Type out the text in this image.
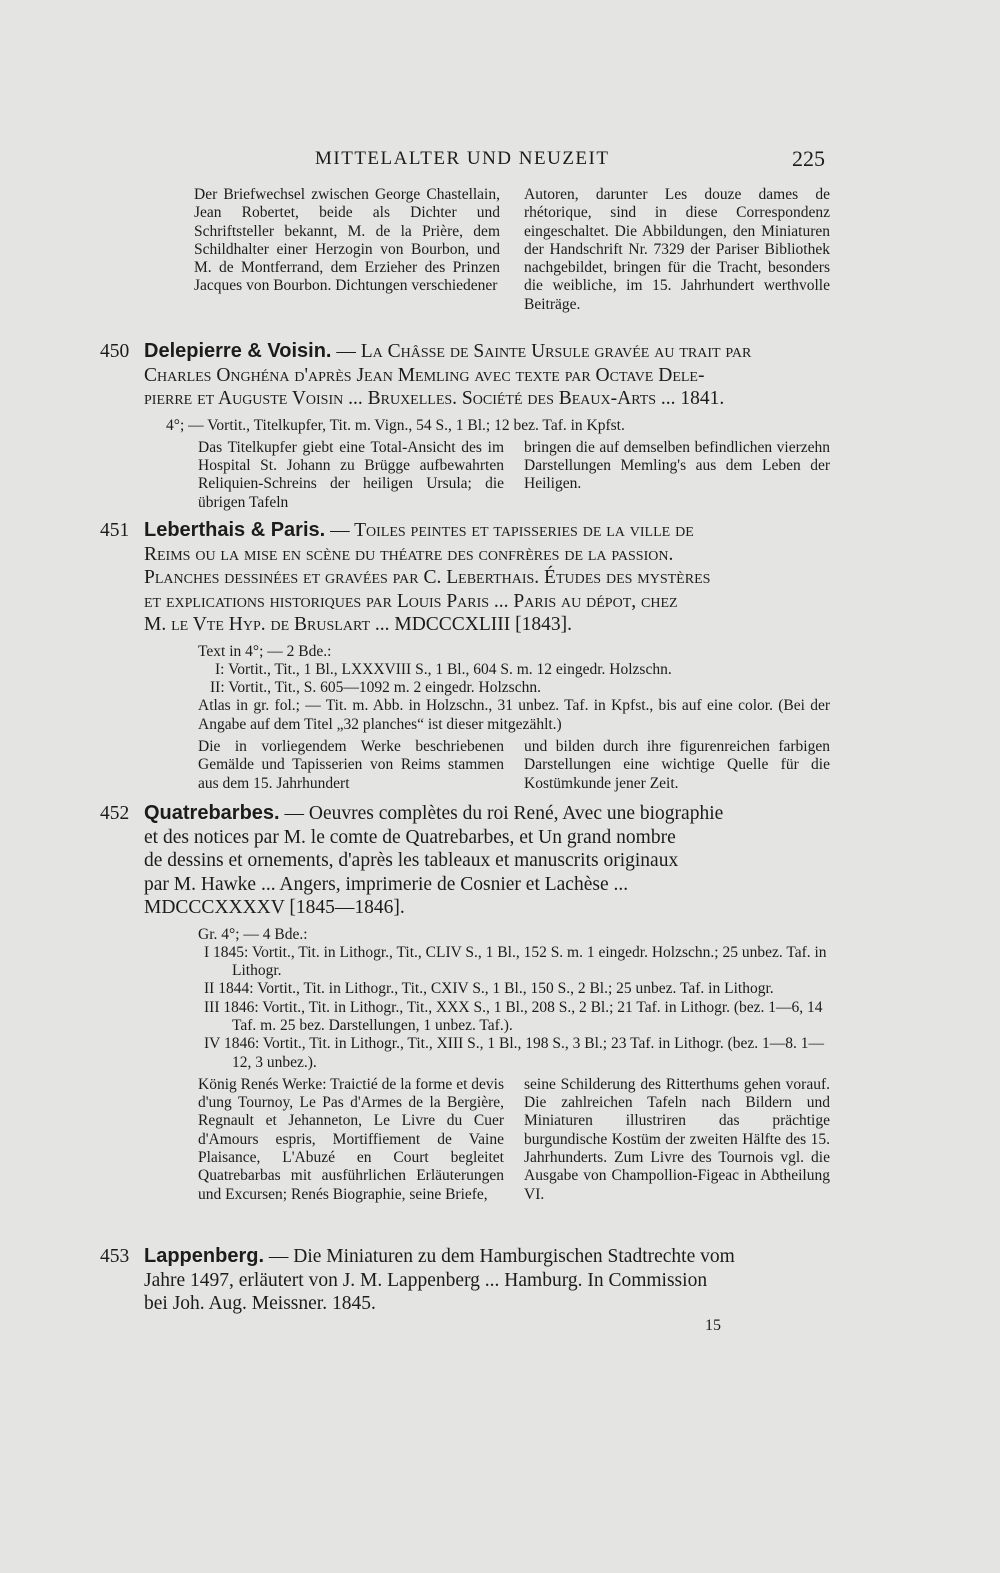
MITTELALTER UND NEUZEIT	225

Der Briefwechsel zwischen George Chastellain, Jean Robertet, beide als Dichter und Schriftsteller bekannt, M. de la Prière, dem Schildhalter einer Herzogin von Bourbon, und M. de Montferrand, dem Erzieher des Prinzen Jacques von Bourbon. Dichtungen verschiedener

Autoren, darunter Les douze dames de rhétorique, sind in diese Correspondenz eingeschaltet. Die Abbildungen, den Miniaturen der Handschrift Nr. 7329 der Pariser Bibliothek nachgebildet, bringen für die Tracht, besonders die weibliche, im 15. Jahrhundert werthvolle Beiträge.

450 Delepierre & Voisin. — La Châsse de Sainte Ursule gravée au trait par
Charles Onghéna d'après Jean Memling avec texte par Octave Dele-
pierre et Auguste Voisin ... Bruxelles. Société des Beaux-Arts ... 1841.

4°; — Vortit., Titelkupfer, Tit. m. Vign., 54 S., 1 Bl.; 12 bez. Taf. in Kpfst.

Das Titelkupfer giebt eine Total-Ansicht des im Hospital St. Johann zu Brügge aufbewahrten Reliquien-Schreins der heiligen Ursula; die übrigen Tafeln
bringen die auf demselben befindlichen vierzehn Darstellungen Memling's aus dem Leben der Heiligen.
451 Leberthais & Paris. — Toiles peintes et tapisseries de la ville de
Reims ou la mise en scène du théatre des confrères de la passion.
Planches dessinées et gravées par C. Leberthais. Études des mystères
et explications historiques par Louis Paris ... Paris au dépot, chez
M. le Vte Hyp. de Bruslart ... MDCCCXLIII [1843].

Text in 4°; — 2 Bde.:

I: Vortit., Tit., 1 Bl., LXXXVIII S., 1 Bl., 604 S. m. 12 eingedr. Holzschn.

II: Vortit., Tit., S. 605—1092 m. 2 eingedr. Holzschn.

Atlas in gr. fol.; — Tit. m. Abb. in Holzschn., 31 unbez. Taf. in Kpfst., bis auf eine color. (Bei der Angabe auf dem Titel „32 planches“ ist dieser mitgezählt.)

Die in vorliegendem Werke beschriebenen Gemälde und Tapisserien von Reims stammen aus dem 15. Jahrhundert
und bilden durch ihre figurenreichen farbigen Darstellungen eine wichtige Quelle für die Kostümkunde jener Zeit.
452 Quatrebarbes. — Oeuvres complètes du roi René, Avec une biographie
et des notices par M. le comte de Quatrebarbes, et Un grand nombre
de dessins et ornements, d'après les tableaux et manuscrits originaux
par M. Hawke ... Angers, imprimerie de Cosnier et Lachèse ...
MDCCCXXXXV [1845—1846].

Gr. 4°; — 4 Bde.:

I 1845: Vortit., Tit. in Lithogr., Tit., CLIV S., 1 Bl., 152 S. m. 1 eingedr. Holzschn.; 25 unbez. Taf. in Lithogr.

II 1844: Vortit., Tit. in Lithogr., Tit., CXIV S., 1 Bl., 150 S., 2 Bl.; 25 unbez. Taf. in Lithogr.

III 1846: Vortit., Tit. in Lithogr., Tit., XXX S., 1 Bl., 208 S., 2 Bl.; 21 Taf. in Lithogr. (bez. 1—6, 14 Taf. m. 25 bez. Darstellungen, 1 unbez. Taf.).

IV 1846: Vortit., Tit. in Lithogr., Tit., XIII S., 1 Bl., 198 S., 3 Bl.; 23 Taf. in Lithogr. (bez. 1—8. 1—12, 3 unbez.).

König Renés Werke: Traictié de la forme et devis d'ung Tournoy, Le Pas d'Armes de la Bergière, Regnault et Jehanneton, Le Livre du Cuer d'Amours espris, Mortiffiement de Vaine Plaisance, L'Abuzé en Court begleitet Quatrebarbas mit ausführlichen Erläuterungen und Excursen; Renés Biographie, seine Briefe,
seine Schilderung des Ritterthums gehen vorauf. Die zahlreichen Tafeln nach Bildern und Miniaturen illustriren das prächtige burgundische Kostüm der zweiten Hälfte des 15. Jahrhunderts. Zum Livre des Tournois vgl. die Ausgabe von Champollion-Figeac in Abtheilung VI.
453 Lappenberg. — Die Miniaturen zu dem Hamburgischen Stadtrechte vom
Jahre 1497, erläutert von J. M. Lappenberg ... Hamburg. In Commission
bei Joh. Aug. Meissner. 1845.
15
